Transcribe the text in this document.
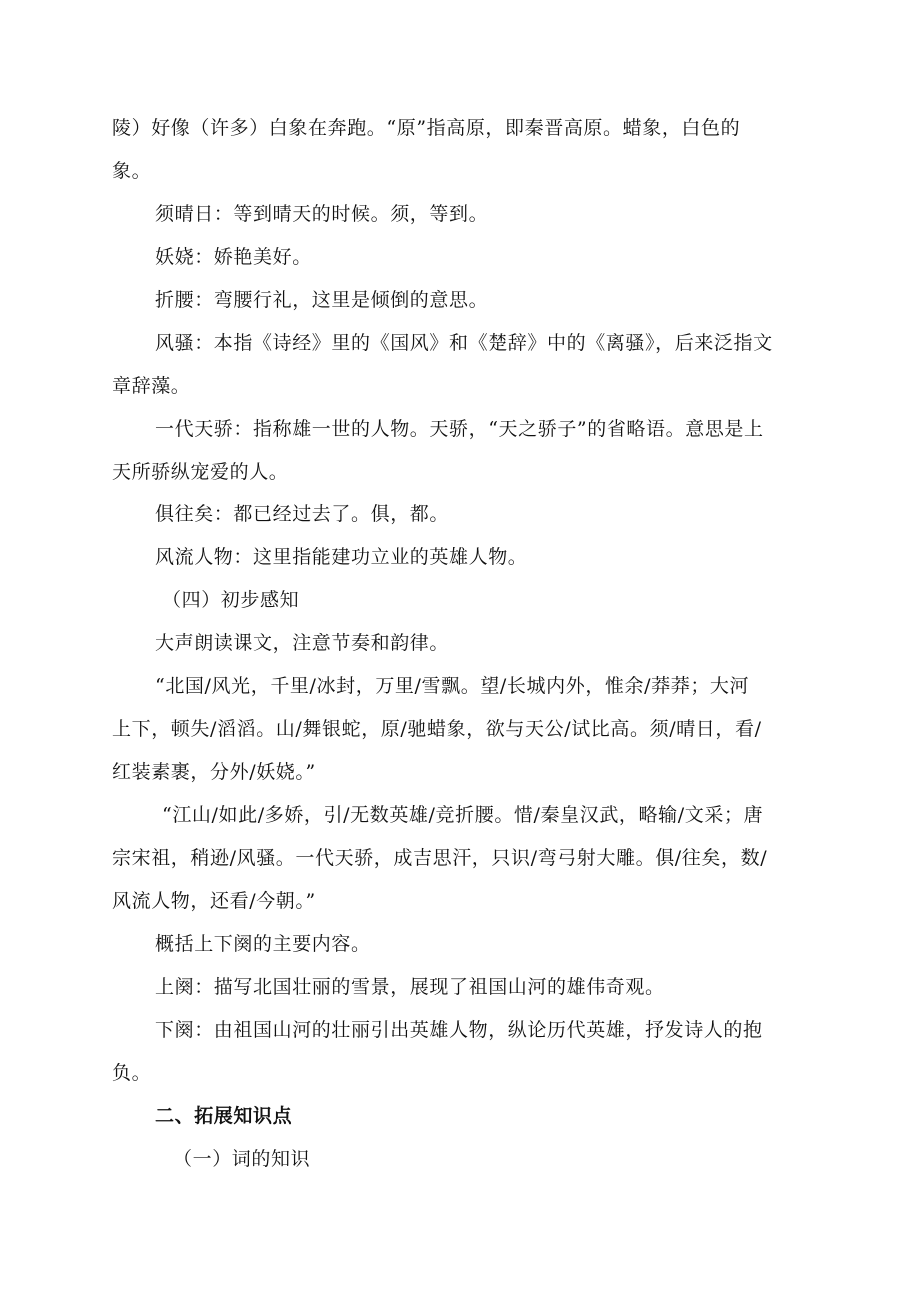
陵）好像（许多）白象在奔跑。“原”指高原，即秦晋高原。蜡象，白色的
象。
须晴日：等到晴天的时候。须，等到。
妖娆：娇艳美好。
折腰：弯腰行礼，这里是倾倒的意思。
风骚：本指《诗经》里的《国风》和《楚辞》中的《离骚》，后来泛指文
章辞藻。
一代天骄：指称雄一世的人物。天骄，“天之骄子”的省略语。意思是上
天所骄纵宠爱的人。
俱往矣：都已经过去了。俱，都。
风流人物：这里指能建功立业的英雄人物。
（四）初步感知
大声朗读课文，注意节奏和韵律。
“北国/风光，千里/冰封，万里/雪飘。望/长城内外，惟余/莽莽；大河
上下，顿失/滔滔。山/舞银蛇，原/驰蜡象，欲与天公/试比高。须/晴日，看/
红装素裹，分外/妖娆。”
“江山/如此/多娇，引/无数英雄/竞折腰。惜/秦皇汉武，略输/文采；唐
宗宋祖，稍逊/风骚。一代天骄，成吉思汗，只识/弯弓射大雕。俱/往矣，数/
风流人物，还看/今朝。”
概括上下阕的主要内容。
上阕：描写北国壮丽的雪景，展现了祖国山河的雄伟奇观。
下阕：由祖国山河的壮丽引出英雄人物，纵论历代英雄，抒发诗人的抱
负。
二、拓展知识点
（一）词的知识
